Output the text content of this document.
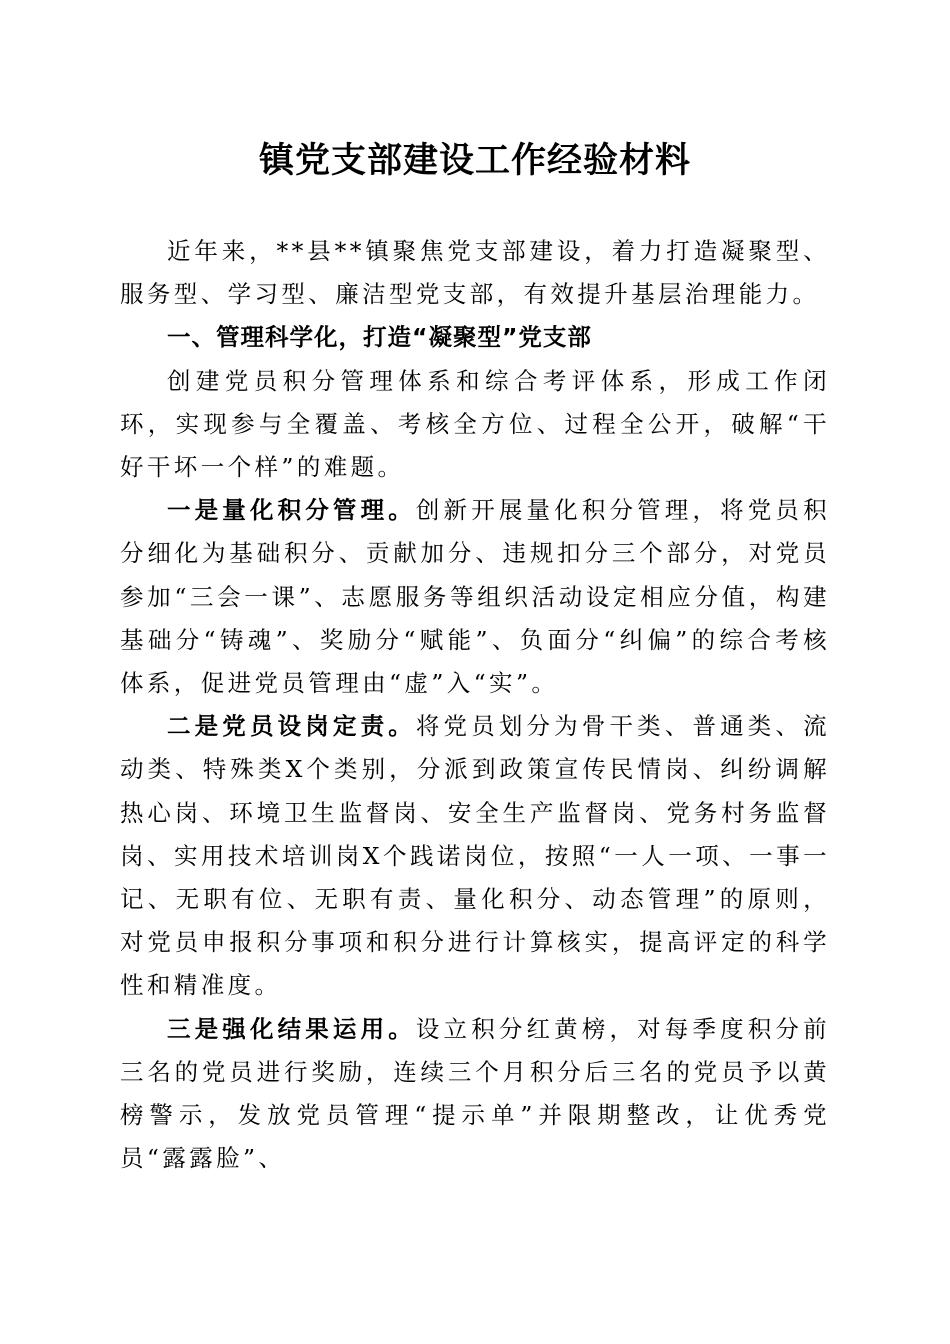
镇党支部建设工作经验材料

近年来，**县**镇聚焦党支部建设，着力打造凝聚型、服务型、学习型、廉洁型党支部，有效提升基层治理能力。

一、管理科学化，打造“凝聚型”党支部

创建党员积分管理体系和综合考评体系，形成工作闭环，实现参与全覆盖、考核全方位、过程全公开，破解“干好干坏一个样”的难题。

一是量化积分管理。创新开展量化积分管理，将党员积分细化为基础积分、贡献加分、违规扣分三个部分，对党员参加“三会一课”、志愿服务等组织活动设定相应分值，构建基础分“铸魂”、奖励分“赋能”、负面分“纠偏”的综合考核体系，促进党员管理由“虚”入“实”。

二是党员设岗定责。将党员划分为骨干类、普通类、流动类、特殊类X个类别，分派到政策宣传民情岗、纠纷调解热心岗、环境卫生监督岗、安全生产监督岗、党务村务监督岗、实用技术培训岗X个践诺岗位，按照“一人一项、一事一记、无职有位、无职有责、量化积分、动态管理”的原则，对党员申报积分事项和积分进行计算核实，提高评定的科学性和精准度。

三是强化结果运用。设立积分红黄榜，对每季度积分前三名的党员进行奖励，连续三个月积分后三名的党员予以黄榜警示，发放党员管理“提示单”并限期整改，让优秀党员“露露脸”、
